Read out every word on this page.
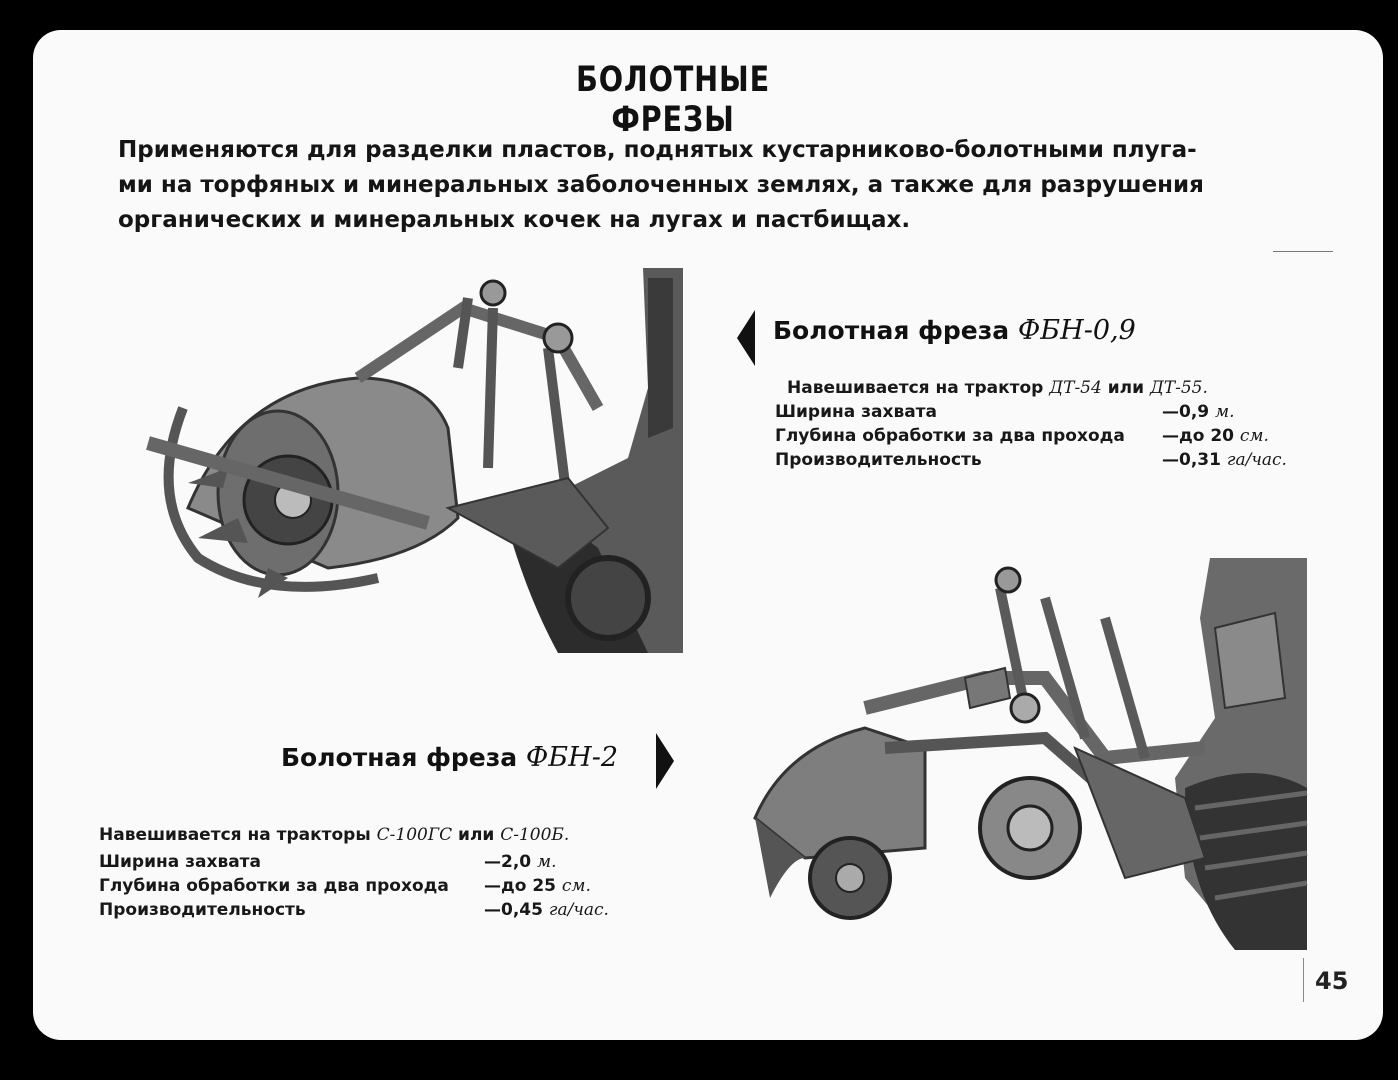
БОЛОТНЫЕ ФРЕЗЫ
Применяются для разделки пластов, поднятых кустарниково-болотными плуга-
ми на торфяных и минеральных заболоченных землях, а также для разрушения
органических и минеральных кочек на лугах и пастбищах.
Болотная фреза ФБН-0,9
Навешивается на трактор ДТ-54 или ДТ-55.
Ширина захвата	—0,9 м.
Глубина обработки за два прохода —до 20 см.
Производительность	—0,31 га/час.
Болотная фреза ФБН-2
Навешивается на тракторы С-100ГС или С-100Б.
Ширина захвата	—2,0 м.
Глубина обработки за два прохода —до 25 см.
Производительность	—0,45 га/час.
45
